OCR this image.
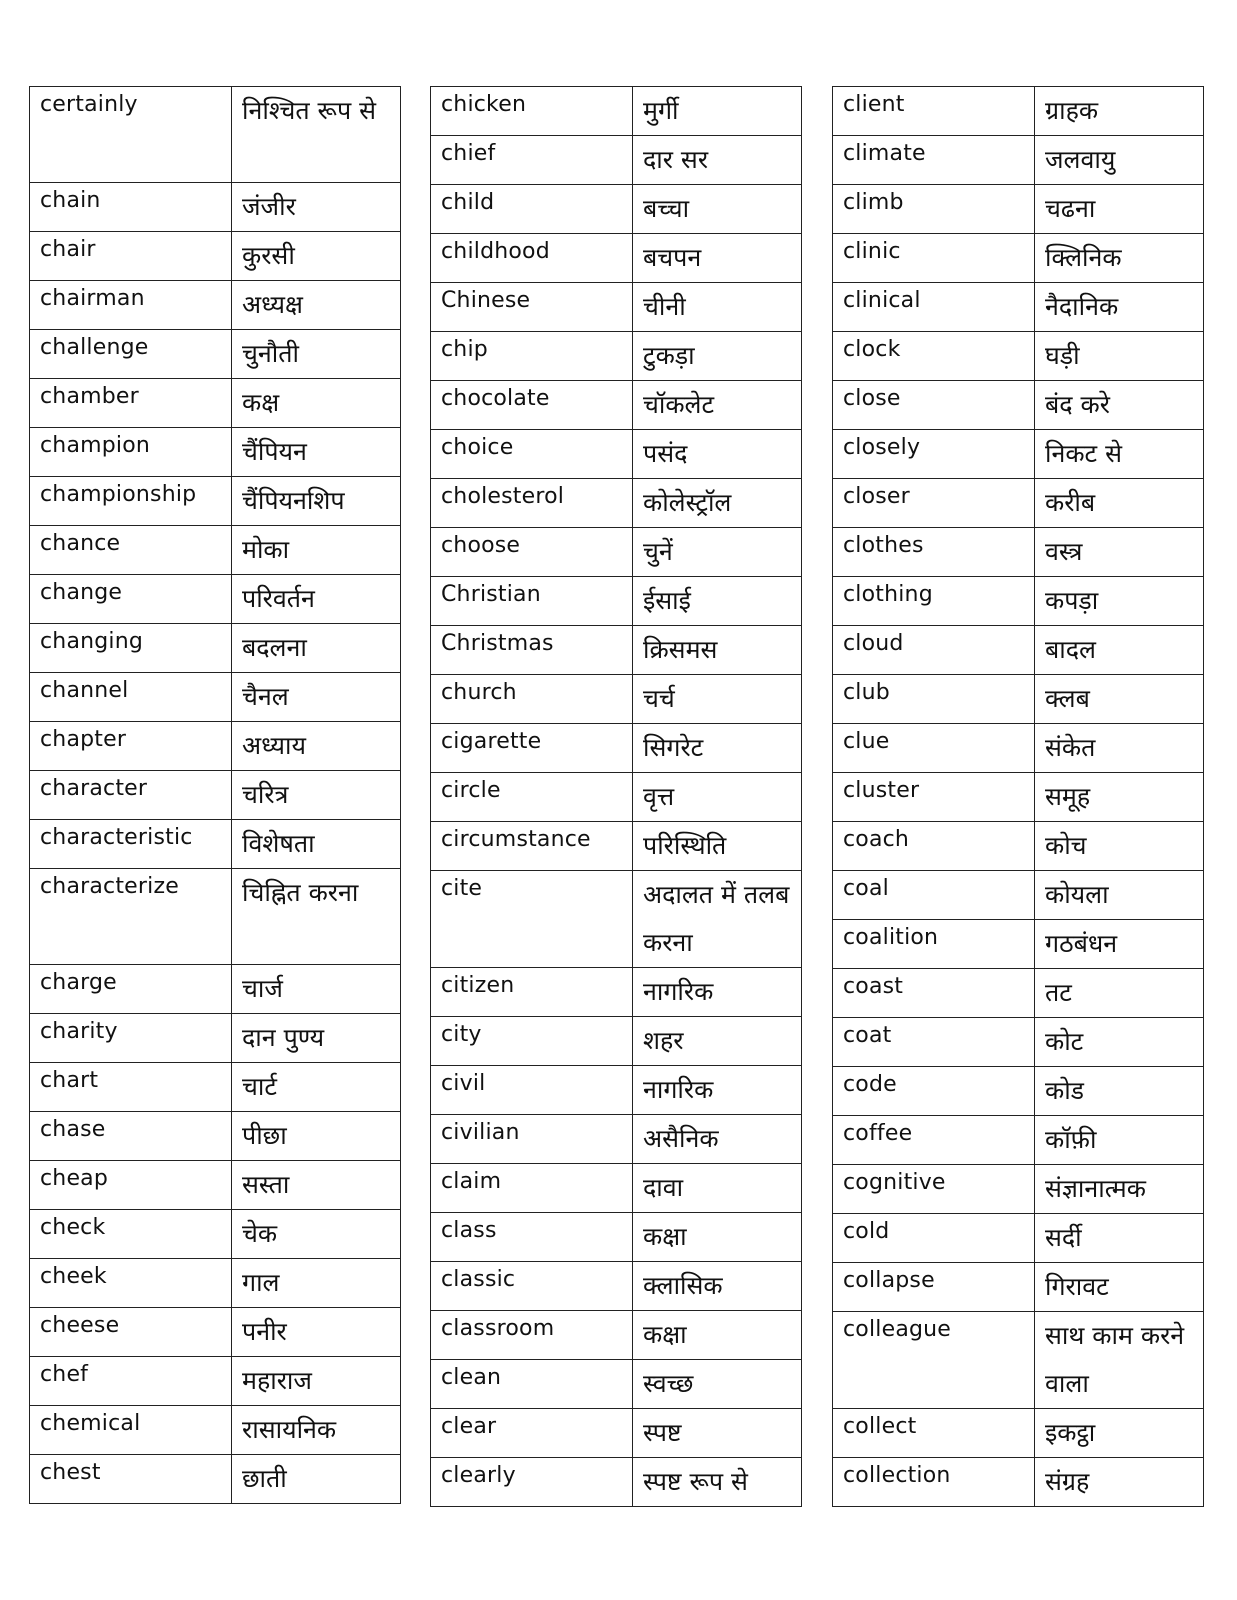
certainly	निश्चित रूप से
chain	जंजीर
chair	कुरसी
chairman	अध्यक्ष
challenge	चुनौती
chamber	कक्ष
champion	चैंपियन
championship	चैंपियनशिप
chance	मोका
change	परिवर्तन
changing	बदलना
channel	चैनल
chapter	अध्याय
character	चरित्र
characteristic	विशेषता
characterize	चिह्नित करना
charge	चार्ज
charity	दान पुण्य
chart	चार्ट
chase	पीछा
cheap	सस्ता
check	चेक
cheek	गाल
cheese	पनीर
chef	महाराज
chemical	रासायनिक
chest	छाती
chicken	मुर्गी
chief	दार सर
child	बच्चा
childhood	बचपन
Chinese	चीनी
chip	टुकड़ा
chocolate	चॉकलेट
choice	पसंद
cholesterol	कोलेस्ट्रॉल
choose	चुनें
Christian	ईसाई
Christmas	क्रिसमस
church	चर्च
cigarette	सिगरेट
circle	वृत्त
circumstance	परिस्थिति
cite	अदालत में तलब करना
citizen	नागरिक
city	शहर
civil	नागरिक
civilian	असैनिक
claim	दावा
class	कक्षा
classic	क्लासिक
classroom	कक्षा
clean	स्वच्छ
clear	स्पष्ट
clearly	स्पष्ट रूप से
client	ग्राहक
climate	जलवायु
climb	चढना
clinic	क्लिनिक
clinical	नैदानिक
clock	घड़ी
close	बंद करे
closely	निकट से
closer	करीब
clothes	वस्त्र
clothing	कपड़ा
cloud	बादल
club	क्लब
clue	संकेत
cluster	समूह
coach	कोच
coal	कोयला
coalition	गठबंधन
coast	तट
coat	कोट
code	कोड
coffee	कॉफ़ी
cognitive	संज्ञानात्मक
cold	सर्दी
collapse	गिरावट
colleague	साथ काम करने वाला
collect	इकट्ठा
collection	संग्रह
